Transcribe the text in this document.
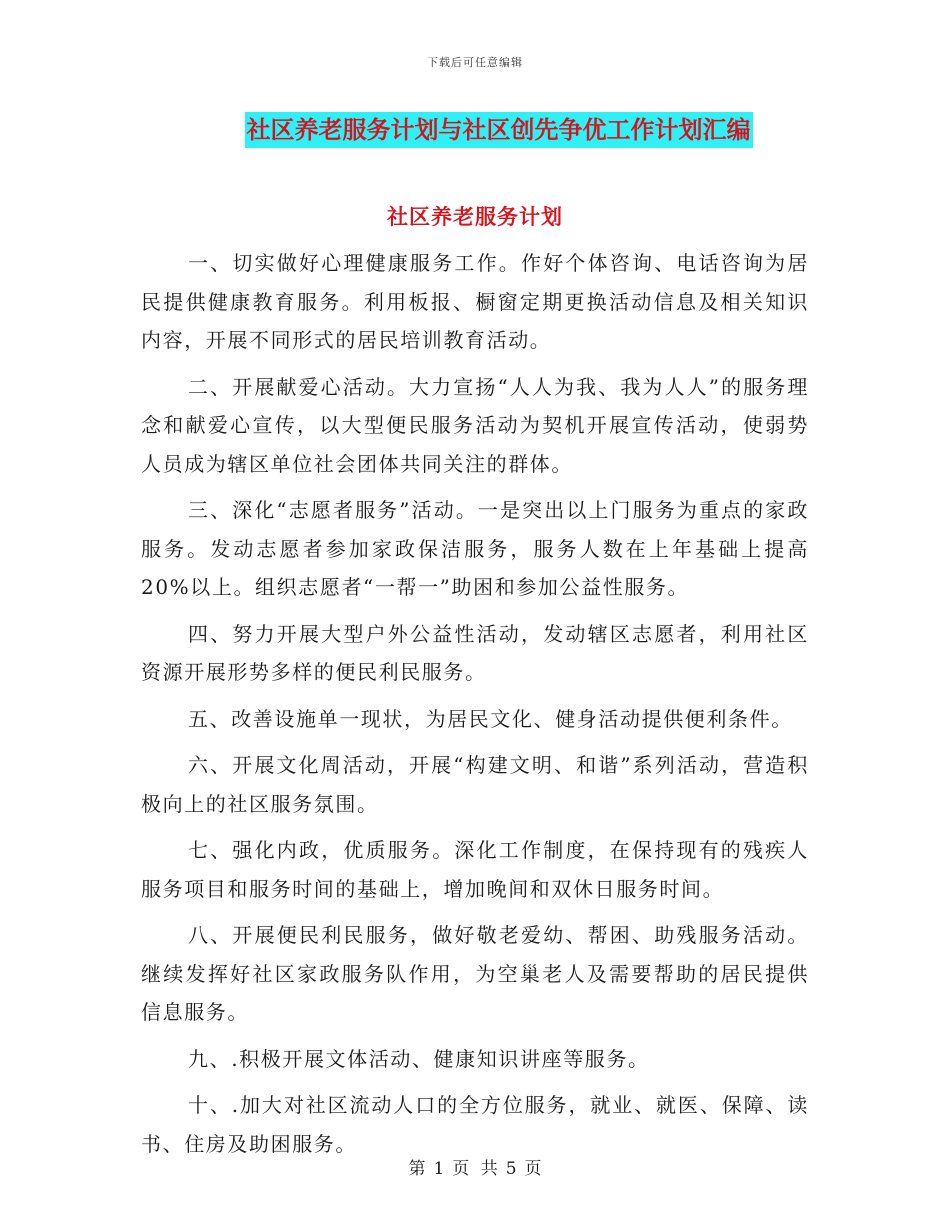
下载后可任意编辑
社区养老服务计划与社区创先争优工作计划汇编
社区养老服务计划

一、切实做好心理健康服务工作。作好个体咨询、电话咨询为居民提供健康教育服务。利用板报、橱窗定期更换活动信息及相关知识内容，开展不同形式的居民培训教育活动。

二、开展献爱心活动。大力宣扬“人人为我、我为人人”的服务理念和献爱心宣传，以大型便民服务活动为契机开展宣传活动，使弱势人员成为辖区单位社会团体共同关注的群体。

三、深化“志愿者服务”活动。一是突出以上门服务为重点的家政服务。发动志愿者参加家政保洁服务，服务人数在上年基础上提高20%以上。组织志愿者“一帮一”助困和参加公益性服务。

四、努力开展大型户外公益性活动，发动辖区志愿者，利用社区资源开展形势多样的便民利民服务。

五、改善设施单一现状，为居民文化、健身活动提供便利条件。

六、开展文化周活动，开展“构建文明、和谐”系列活动，营造积极向上的社区服务氛围。

七、强化内政，优质服务。深化工作制度，在保持现有的残疾人服务项目和服务时间的基础上，增加晚间和双休日服务时间。

八、开展便民利民服务，做好敬老爱幼、帮困、助残服务活动。继续发挥好社区家政服务队作用，为空巢老人及需要帮助的居民提供信息服务。

九、.积极开展文体活动、健康知识讲座等服务。

十、.加大对社区流动人口的全方位服务，就业、就医、保障、读书、住房及助困服务。

第 1 页 共 5 页
